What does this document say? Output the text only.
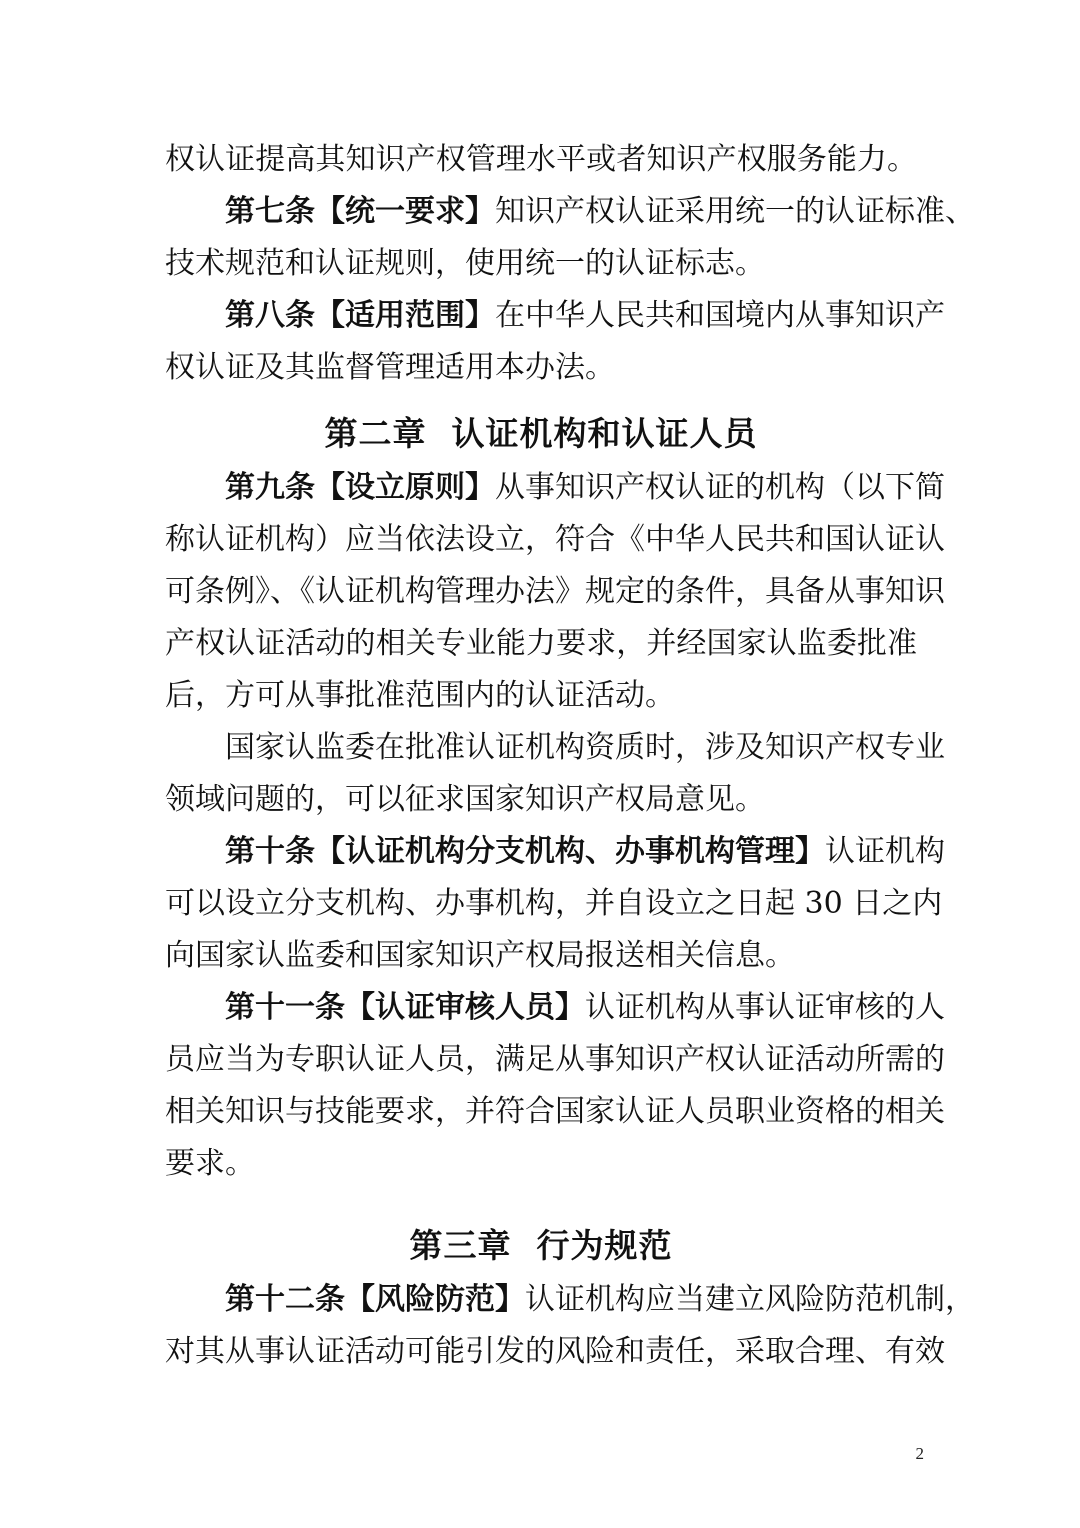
权认证提高其知识产权管理水平或者知识产权服务能力。

第七条【统一要求】知识产权认证采用统一的认证标准、

技术规范和认证规则，使用统一的认证标志。

第八条【适用范围】在中华人民共和国境内从事知识产

权认证及其监督管理适用本办法。

第二章  认证机构和认证人员

第九条【设立原则】从事知识产权认证的机构（以下简

称认证机构）应当依法设立，符合《中华人民共和国认证认

可条例》、《认证机构管理办法》规定的条件，具备从事知识

产权认证活动的相关专业能力要求，并经国家认监委批准

后，方可从事批准范围内的认证活动。

国家认监委在批准认证机构资质时，涉及知识产权专业

领域问题的，可以征求国家知识产权局意见。

第十条【认证机构分支机构、办事机构管理】认证机构

可以设立分支机构、办事机构，并自设立之日起 30 日之内

向国家认监委和国家知识产权局报送相关信息。

第十一条【认证审核人员】认证机构从事认证审核的人

员应当为专职认证人员，满足从事知识产权认证活动所需的

相关知识与技能要求，并符合国家认证人员职业资格的相关

要求。

第三章  行为规范

第十二条【风险防范】认证机构应当建立风险防范机制，

对其从事认证活动可能引发的风险和责任，采取合理、有效

2
